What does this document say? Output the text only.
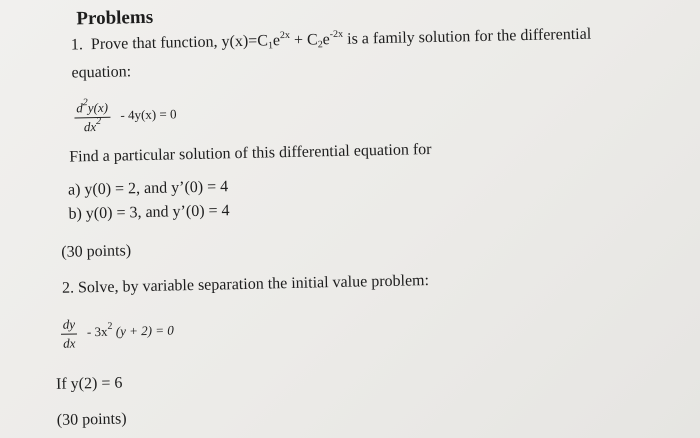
Problems
1. Prove that function, $y(x)=C_1e^{2x} + C_2e^{-2x}$ is a family solution for the differential
equation:
$\frac{d^2y(x)}{dx^2} - 4y(x) = 0$
Find a particular solution of this differential equation for
a) y(0) = 2, and y’(0) = 4
b) y(0) = 3, and y’(0) = 4
(30 points)
2. Solve, by variable separation the initial value problem:
$\frac{dy}{dx} - 3x^2$ (y + 2) = 0
If y(2) = 6
(30 points)
